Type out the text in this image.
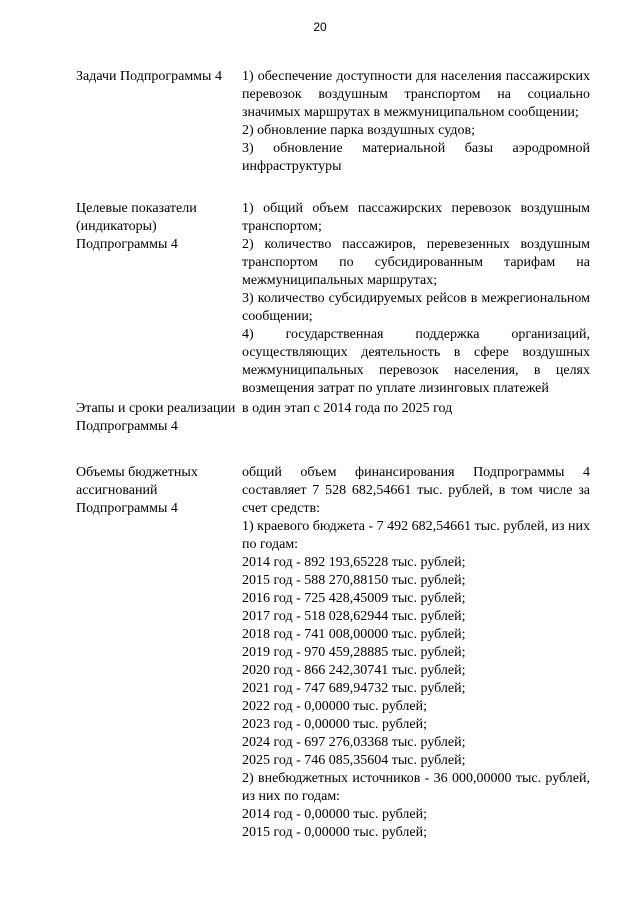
20
Задачи Подпрограммы 4	1) обеспечение доступности для населения пассажирских перевозок воздушным транспортом на социально значимых маршрутах в межмуниципальном сообщении;

2) обновление парка воздушных судов;

3) обновление материальной базы аэродромной инфраструктуры

Целевые показатели (индикаторы) Подпрограммы 4

1) общий объем пассажирских перевозок воздушным транспортом;

2) количество пассажиров, перевезенных воздушным транспортом по субсидированным тарифам на межмуниципальных маршрутах;

3) количество субсидируемых рейсов в межрегиональном сообщении;

4) государственная поддержка организаций, осуществляющих деятельность в сфере воздушных межмуниципальных перевозок населения, в целях возмещения затрат по уплате лизинговых платежей

Этапы и сроки реализации Подпрограммы 4

в один этап с 2014 года по 2025 год

Объемы бюджетных ассигнований Подпрограммы 4

общий объем финансирования Подпрограммы 4 составляет 7 528 682,54661 тыс. рублей, в том числе за счет средств:

1) краевого бюджета - 7 492 682,54661 тыс. рублей, из них по годам:

2014 год - 892 193,65228 тыс. рублей;

2015 год - 588 270,88150 тыс. рублей;

2016 год - 725 428,45009 тыс. рублей;

2017 год - 518 028,62944 тыс. рублей;

2018 год - 741 008,00000 тыс. рублей;

2019 год - 970 459,28885 тыс. рублей;

2020 год - 866 242,30741 тыс. рублей;

2021 год - 747 689,94732 тыс. рублей;

2022 год - 0,00000 тыс. рублей;

2023 год - 0,00000 тыс. рублей;

2024 год - 697 276,03368 тыс. рублей;

2025 год - 746 085,35604 тыс. рублей;

2) внебюджетных источников - 36 000,00000 тыс. рублей, из них по годам:

2014 год - 0,00000 тыс. рублей;

2015 год - 0,00000 тыс. рублей;
